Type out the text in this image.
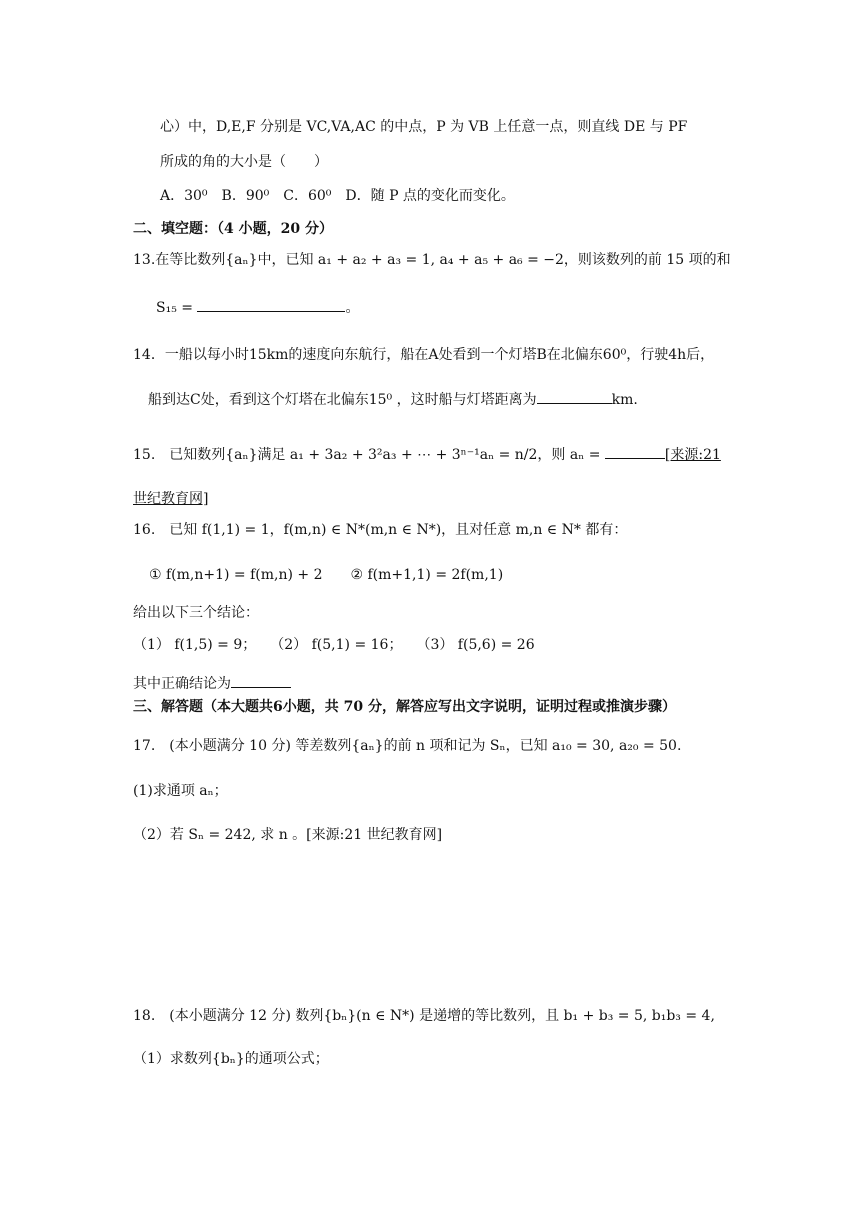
心）中，D,E,F 分别是 VC,VA,AC 的中点，P 为 VB 上任意一点，则直线 DE 与 PF
所成的角的大小是（　　）
A．30⁰　B．90⁰　C．60⁰　D．随 P 点的变化而变化。
二、填空题：（4 小题，20 分）
13.在等比数列{aₙ}中，已知 a₁ + a₂ + a₃ = 1, a₄ + a₅ + a₆ = −2，则该数列的前 15 项的和
S₁₅ =	。
14．一船以每小时15km的速度向东航行，船在A处看到一个灯塔B在北偏东60⁰，行驶4h后，
船到达C处，看到这个灯塔在北偏东15⁰ ，这时船与灯塔距离为	km.
15.　已知数列{aₙ}满足 a₁ + 3a₂ + 3²a₃ + ⋯ + 3ⁿ⁻¹aₙ = n/2，则 aₙ =	[来源:21
世纪教育网]
16.　已知 f(1,1) = 1，f(m,n) ∈ N*(m,n ∈ N*)，且对任意 m,n ∈ N* 都有：
① f(m,n+1) = f(m,n) + 2　　② f(m+1,1) = 2f(m,1)
给出以下三个结论：
（1） f(1,5) = 9；　　（2） f(5,1) = 16；　　（3） f(5,6) = 26
其中正确结论为
三、解答题（本大题共6小题，共 70 分，解答应写出文字说明，证明过程或推演步骤）
17.　(本小题满分 10 分) 等差数列{aₙ}的前 n 项和记为 Sₙ，已知 a₁₀ = 30, a₂₀ = 50.
(1)求通项 aₙ；
（2）若 Sₙ = 242, 求 n 。[来源:21 世纪教育网]
18.　(本小题满分 12 分) 数列{bₙ}(n ∈ N*) 是递增的等比数列，且 b₁ + b₃ = 5, b₁b₃ = 4,
（1）求数列{bₙ}的通项公式；
